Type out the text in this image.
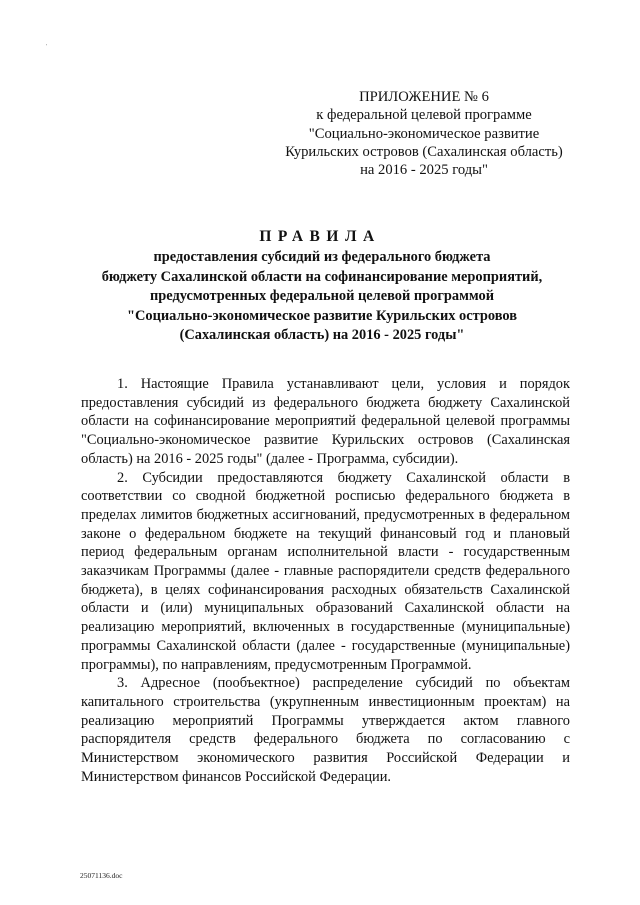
'
ПРИЛОЖЕНИЕ № 6
к федеральной целевой программе
"Социально-экономическое развитие
Курильских островов (Сахалинская область)
на 2016 - 2025 годы"
ПРАВИЛА
предоставления субсидий из федерального бюджета
бюджету Сахалинской области на софинансирование мероприятий,
предусмотренных федеральной целевой программой
"Социально-экономическое развитие Курильских островов
(Сахалинская область) на 2016 - 2025 годы"

1. Настоящие Правила устанавливают цели, условия и порядок предоставления субсидий из федерального бюджета бюджету Сахалинской области на софинансирование мероприятий федеральной целевой программы "Социально-экономическое развитие Курильских островов (Сахалинская область) на 2016 - 2025 годы" (далее - Программа, субсидии).

2. Субсидии предоставляются бюджету Сахалинской области в соответствии со сводной бюджетной росписью федерального бюджета в пределах лимитов бюджетных ассигнований, предусмотренных в федеральном законе о федеральном бюджете на текущий финансовый год и плановый период федеральным органам исполнительной власти - государственным заказчикам Программы (далее - главные распорядители средств федерального бюджета), в целях софинансирования расходных обязательств Сахалинской области и (или) муниципальных образований Сахалинской области на реализацию мероприятий, включенных в государственные (муниципальные) программы Сахалинской области (далее - государственные (муниципальные) программы), по направлениям, предусмотренным Программой.

3. Адресное (пообъектное) распределение субсидий по объектам капитального строительства (укрупненным инвестиционным проектам) на реализацию мероприятий Программы утверждается актом главного распорядителя средств федерального бюджета по согласованию с Министерством экономического развития Российской Федерации и Министерством финансов Российской Федерации.

25071136.doc
